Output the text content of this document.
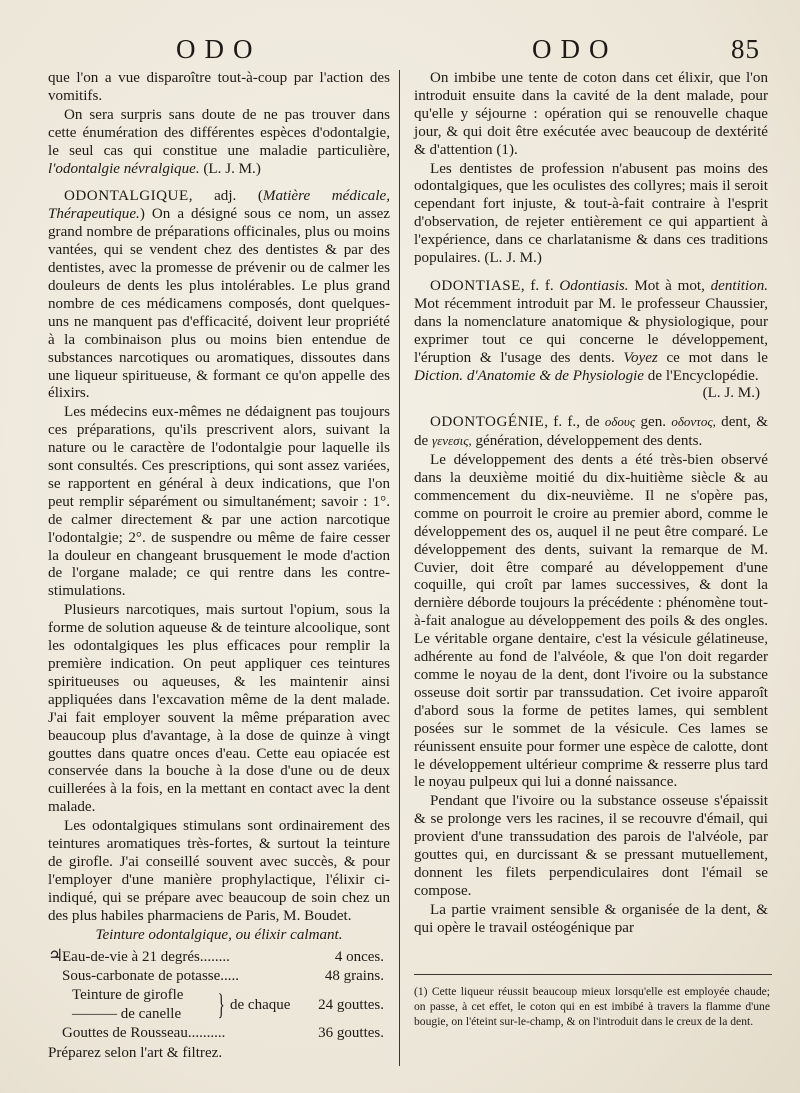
ODO	ODO	85

que l'on a vue disparoître tout-à-coup par l'action des vomitifs.

On sera surpris sans doute de ne pas trouver dans cette énumération des différentes espèces d'odontalgie, le seul cas qui constitue une maladie particulière, l'odontalgie névralgique. (L. J. M.)

ODONTALGIQUE, adj. (Matière médicale, Thérapeutique.) On a désigné sous ce nom, un assez grand nombre de préparations officinales, plus ou moins vantées, qui se vendent chez des dentistes & par des dentistes, avec la promesse de prévenir ou de calmer les douleurs de dents les plus intolérables. Le plus grand nombre de ces médicamens composés, dont quelques-uns ne manquent pas d'efficacité, doivent leur propriété à la combinaison plus ou moins bien entendue de substances narcotiques ou aromatiques, dissoutes dans une liqueur spiritueuse, & formant ce qu'on appelle des élixirs.

Les médecins eux-mêmes ne dédaignent pas toujours ces préparations, qu'ils prescrivent alors, suivant la nature ou le caractère de l'odontalgie pour laquelle ils sont consultés. Ces prescriptions, qui sont assez variées, se rapportent en général à deux indications, que l'on peut remplir séparément ou simultanément; savoir : 1°. de calmer directement & par une action narcotique l'odontalgie; 2°. de suspendre ou même de faire cesser la douleur en changeant brusquement le mode d'action de l'organe malade; ce qui rentre dans les contre-stimulations.

Plusieurs narcotiques, mais surtout l'opium, sous la forme de solution aqueuse & de teinture alcoolique, sont les odontalgiques les plus efficaces pour remplir la première indication. On peut appliquer ces teintures spiritueuses ou aqueuses, & les maintenir ainsi appliquées dans l'excavation même de la dent malade. J'ai fait employer souvent la même préparation avec beaucoup plus d'avantage, à la dose de quinze à vingt gouttes dans quatre onces d'eau. Cette eau opiacée est conservée dans la bouche à la dose d'une ou de deux cuillerées à la fois, en la mettant en contact avec la dent malade.

Les odontalgiques stimulans sont ordinairement des teintures aromatiques très-fortes, & surtout la teinture de girofle. J'ai conseillé souvent avec succès, & pour l'employer d'une manière prophylactique, l'élixir ci-indiqué, qui se prépare avec beaucoup de soin chez un des plus habiles pharmaciens de Paris, M. Boudet.

Teinture odontalgique, ou élixir calmant.

♃.
Eau-de-vie à 21 degrés........	4 onces.
Sous-carbonate de potasse.....	48 grains.
Teinture de girofle
——— de canelle } de chaque 24 gouttes.
Gouttes de Rousseau..........	36 gouttes.

Préparez selon l'art & filtrez.

On imbibe une tente de coton dans cet élixir, que l'on introduit ensuite dans la cavité de la dent malade, pour qu'elle y séjourne : opération qui se renouvelle chaque jour, & qui doit être exécutée avec beaucoup de dextérité & d'attention (1).

Les dentistes de profession n'abusent pas moins des odontalgiques, que les oculistes des collyres; mais il seroit cependant fort injuste, & tout-à-fait contraire à l'esprit d'observation, de rejeter entièrement ce qui appartient à l'expérience, dans ce charlatanisme & dans ces traditions populaires. (L. J. M.)

ODONTIASE, f. f. Odontiasis. Mot à mot, dentition. Mot récemment introduit par M. le professeur Chaussier, dans la nomenclature anatomique & physiologique, pour exprimer tout ce qui concerne le développement, l'éruption & l'usage des dents. Voyez ce mot dans le Diction. d'Anatomie & de Physiologie de l'Encyclopédie.

(L. J. M.)

ODONTOGÉNIE, f. f., de οδους gen. οδοντος, dent, & de γενεσις, génération, développement des dents.

Le développement des dents a été très-bien observé dans la deuxième moitié du dix-huitième siècle & au commencement du dix-neuvième. Il ne s'opère pas, comme on pourroit le croire au premier abord, comme le développement des os, auquel il ne peut être comparé. Le développement des dents, suivant la remarque de M. Cuvier, doit être comparé au développement d'une coquille, qui croît par lames successives, & dont la dernière déborde toujours la précédente : phénomène tout-à-fait analogue au développement des poils & des ongles. Le véritable organe dentaire, c'est la vésicule gélatineuse, adhérente au fond de l'alvéole, & que l'on doit regarder comme le noyau de la dent, dont l'ivoire ou la substance osseuse doit sortir par transsudation. Cet ivoire apparoît d'abord sous la forme de petites lames, qui semblent posées sur le sommet de la vésicule. Ces lames se réunissent ensuite pour former une espèce de calotte, dont le développement ultérieur comprime & resserre plus tard le noyau pulpeux qui lui a donné naissance.

Pendant que l'ivoire ou la substance osseuse s'épaissit & se prolonge vers les racines, il se recouvre d'émail, qui provient d'une transsudation des parois de l'alvéole, par gouttes qui, en durcissant & se pressant mutuellement, donnent les filets perpendiculaires dont l'émail se compose.

La partie vraiment sensible & organisée de la dent, & qui opère le travail ostéogénique par

(1) Cette liqueur réussit beaucoup mieux lorsqu'elle est employée chaude; on passe, à cet effet, le coton qui en est imbibé à travers la flamme d'une bougie, on l'éteint sur-le-champ, & on l'introduit dans le creux de la dent.
